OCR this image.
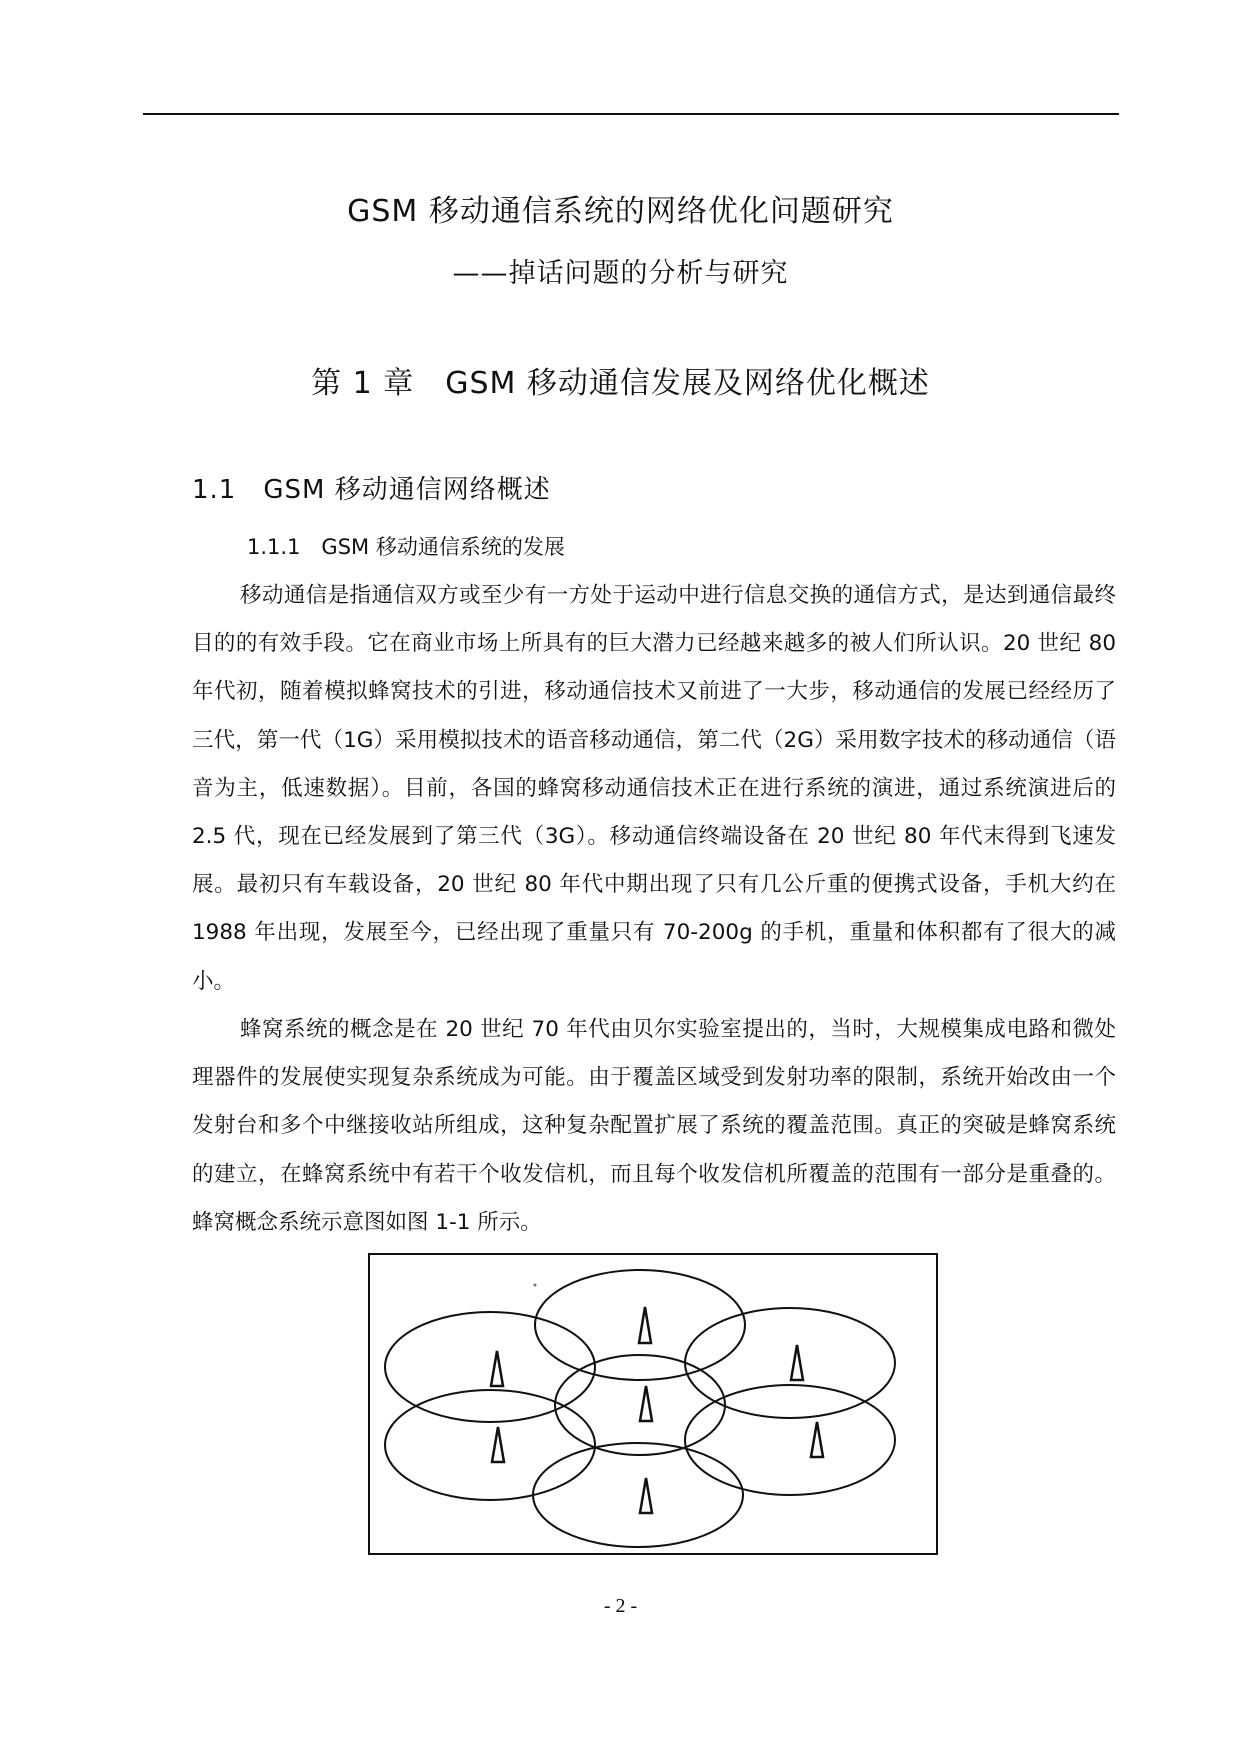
GSM 移动通信系统的网络优化问题研究
——掉话问题的分析与研究
第 1 章　GSM 移动通信发展及网络优化概述
1.1　GSM 移动通信网络概述
1.1.1　GSM 移动通信系统的发展

移动通信是指通信双方或至少有一方处于运动中进行信息交换的通信方式，是达到通信最终目的的有效手段。它在商业市场上所具有的巨大潜力已经越来越多的被人们所认识。20 世纪 80 年代初，随着模拟蜂窝技术的引进，移动通信技术又前进了一大步，移动通信的发展已经经历了三代，第一代（1G）采用模拟技术的语音移动通信，第二代（2G）采用数字技术的移动通信（语音为主，低速数据）。目前，各国的蜂窝移动通信技术正在进行系统的演进，通过系统演进后的 2.5 代，现在已经发展到了第三代（3G）。移动通信终端设备在 20 世纪 80 年代末得到飞速发展。最初只有车载设备，20 世纪 80 年代中期出现了只有几公斤重的便携式设备，手机大约在 1988 年出现，发展至今，已经出现了重量只有 70-200g 的手机，重量和体积都有了很大的减小。

蜂窝系统的概念是在 20 世纪 70 年代由贝尔实验室提出的，当时，大规模集成电路和微处理器件的发展使实现复杂系统成为可能。由于覆盖区域受到发射功率的限制，系统开始改由一个发射台和多个中继接收站所组成，这种复杂配置扩展了系统的覆盖范围。真正的突破是蜂窝系统的建立，在蜂窝系统中有若干个收发信机，而且每个收发信机所覆盖的范围有一部分是重叠的。蜂窝概念系统示意图如图 1-1 所示。

- 2 -
